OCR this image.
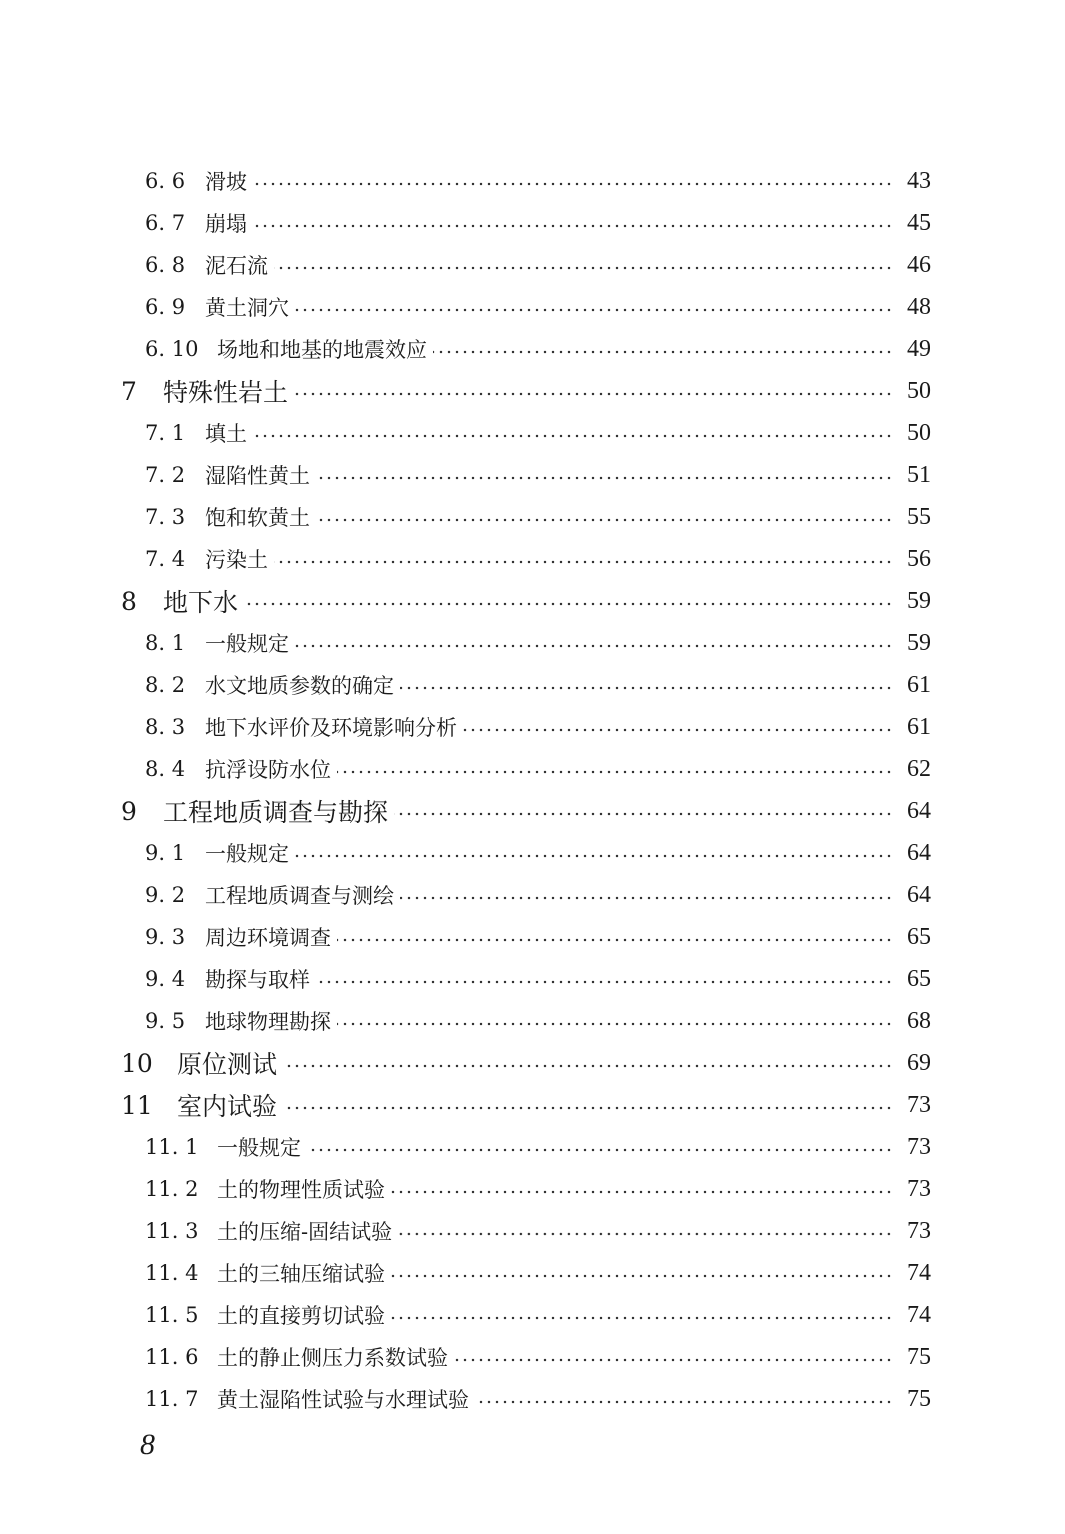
6. 6 滑坡	43
6. 7 崩塌	45
6. 8 泥石流	46
6. 9 黄土洞穴	48
6. 10 场地和地基的地震效应	49
7	特殊性岩土	50
7. 1 填土	50
7. 2 湿陷性黄土	51
7. 3 饱和软黄土	55
7. 4 污染土	56
8	地下水	59
8. 1 一般规定	59
8. 2 水文地质参数的确定	61
8. 3 地下水评价及环境影响分析	61
8. 4 抗浮设防水位	62
9	工程地质调查与勘探	64
9. 1 一般规定	64
9. 2 工程地质调查与测绘	64
9. 3 周边环境调查	65
9. 4 勘探与取样	65
9. 5 地球物理勘探	68
10 原位测试	69
11 室内试验	73
11. 1 一般规定	73
11. 2 土的物理性质试验	73
11. 3 土的压缩-固结试验	73
11. 4 土的三轴压缩试验	74
11. 5 土的直接剪切试验	74
11. 6 土的静止侧压力系数试验	75
11. 7 黄土湿陷性试验与水理试验	75
8
